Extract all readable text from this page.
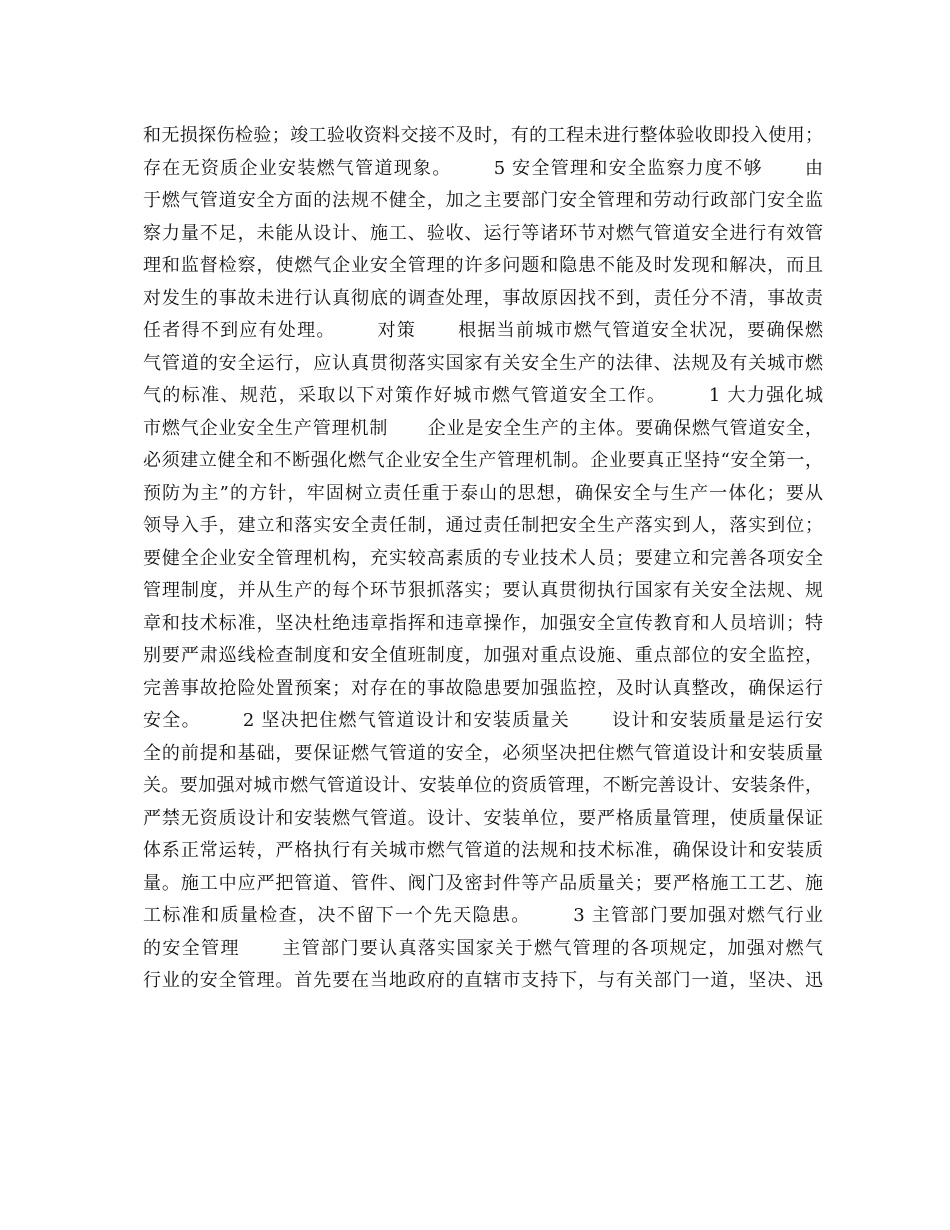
和无损探伤检验；竣工验收资料交接不及时，有的工程未进行整体验收即投入使用；
存在无资质企业安装燃气管道现象。      5 安全管理和安全监察力度不够      由
于燃气管道安全方面的法规不健全，加之主要部门安全管理和劳动行政部门安全监
察力量不足，未能从设计、施工、验收、运行等诸环节对燃气管道安全进行有效管
理和监督检察，使燃气企业安全管理的许多问题和隐患不能及时发现和解决，而且
对发生的事故未进行认真彻底的调查处理，事故原因找不到，责任分不清，事故责
任者得不到应有处理。      对策      根据当前城市燃气管道安全状况，要确保燃
气管道的安全运行，应认真贯彻落实国家有关安全生产的法律、法规及有关城市燃
气的标准、规范，采取以下对策作好城市燃气管道安全工作。      1 大力强化城
市燃气企业安全生产管理机制      企业是安全生产的主体。要确保燃气管道安全，
必须建立健全和不断强化燃气企业安全生产管理机制。企业要真正坚持“安全第一，
预防为主”的方针，牢固树立责任重于泰山的思想，确保安全与生产一体化；要从
领导入手，建立和落实安全责任制，通过责任制把安全生产落实到人，落实到位；
要健全企业安全管理机构，充实较高素质的专业技术人员；要建立和完善各项安全
管理制度，并从生产的每个环节狠抓落实；要认真贯彻执行国家有关安全法规、规
章和技术标准，坚决杜绝违章指挥和违章操作，加强安全宣传教育和人员培训；特
别要严肃巡线检查制度和安全值班制度，加强对重点设施、重点部位的安全监控，
完善事故抢险处置预案；对存在的事故隐患要加强监控，及时认真整改，确保运行
安全。      2 坚决把住燃气管道设计和安装质量关      设计和安装质量是运行安
全的前提和基础，要保证燃气管道的安全，必须坚决把住燃气管道设计和安装质量
关。要加强对城市燃气管道设计、安装单位的资质管理，不断完善设计、安装条件，
严禁无资质设计和安装燃气管道。设计、安装单位，要严格质量管理，使质量保证
体系正常运转，严格执行有关城市燃气管道的法规和技术标准，确保设计和安装质
量。施工中应严把管道、管件、阀门及密封件等产品质量关；要严格施工工艺、施
工标准和质量检查，决不留下一个先天隐患。      3 主管部门要加强对燃气行业
的安全管理      主管部门要认真落实国家关于燃气管理的各项规定，加强对燃气
行业的安全管理。首先要在当地政府的直辖市支持下，与有关部门一道，坚决、迅
